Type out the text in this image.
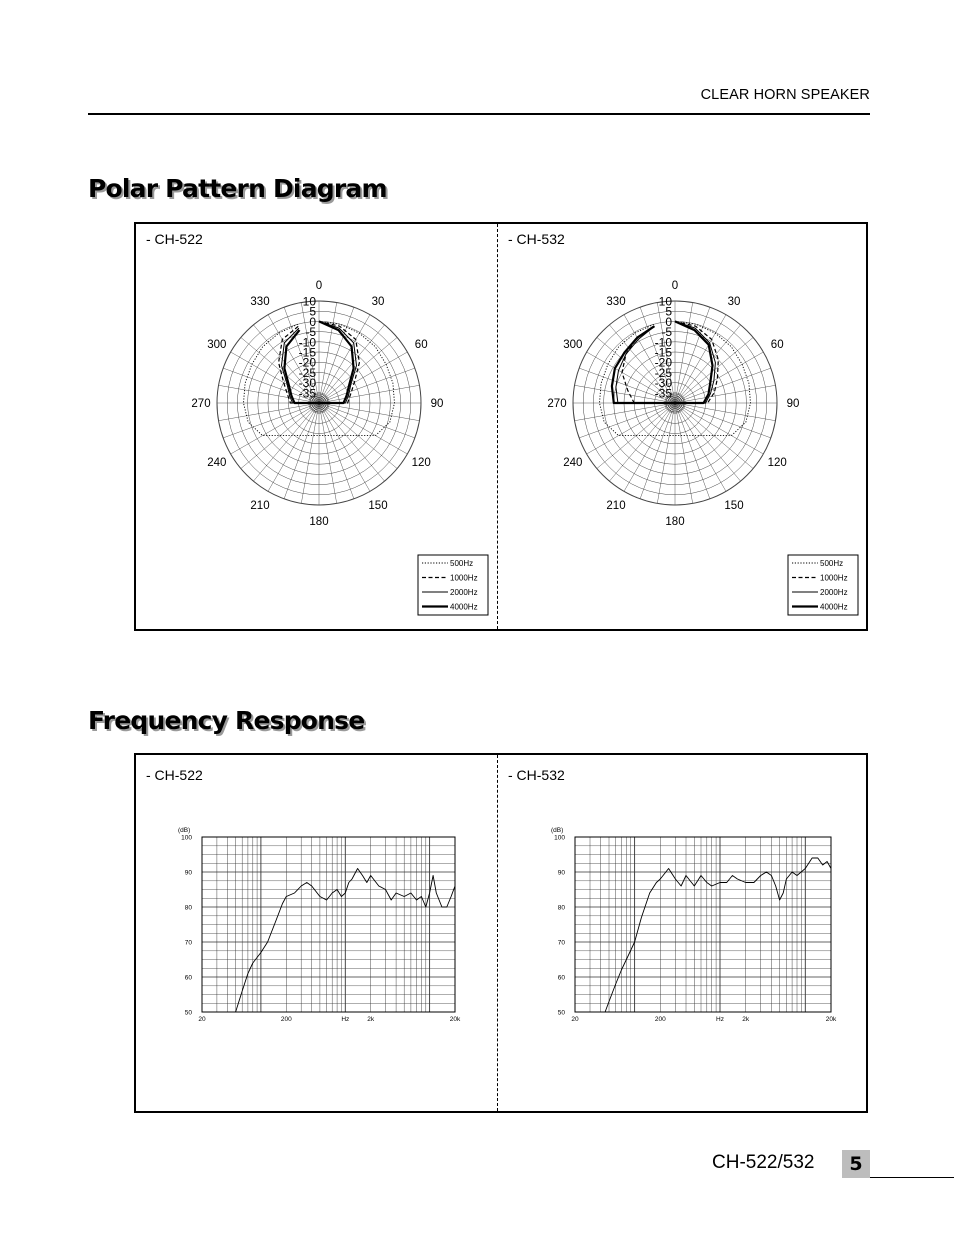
CLEAR HORN SPEAKER
Polar Pattern Diagram
- CH-522	- CH-532
0
30
60
90
120
150
180
210
240
270
300
330	10
5
0
-5
-10
-15
-20
-25
-30
-35
500Hz
1000Hz
2000Hz
4000Hz
0
30
60
90
120
150
180
210
240
270
300
330	10
5
0
-5
-10
-15
-20
-25
-30
-35
500Hz
1000Hz
2000Hz
4000Hz
Frequency Response
- CH-522	- CH-532
(dB)
50
60
70
80
90
100
20	200	Hz	2k	20k
(dB)
50
60
70
80
90
100
20	200	Hz	2k	20k
CH-522/532	5
